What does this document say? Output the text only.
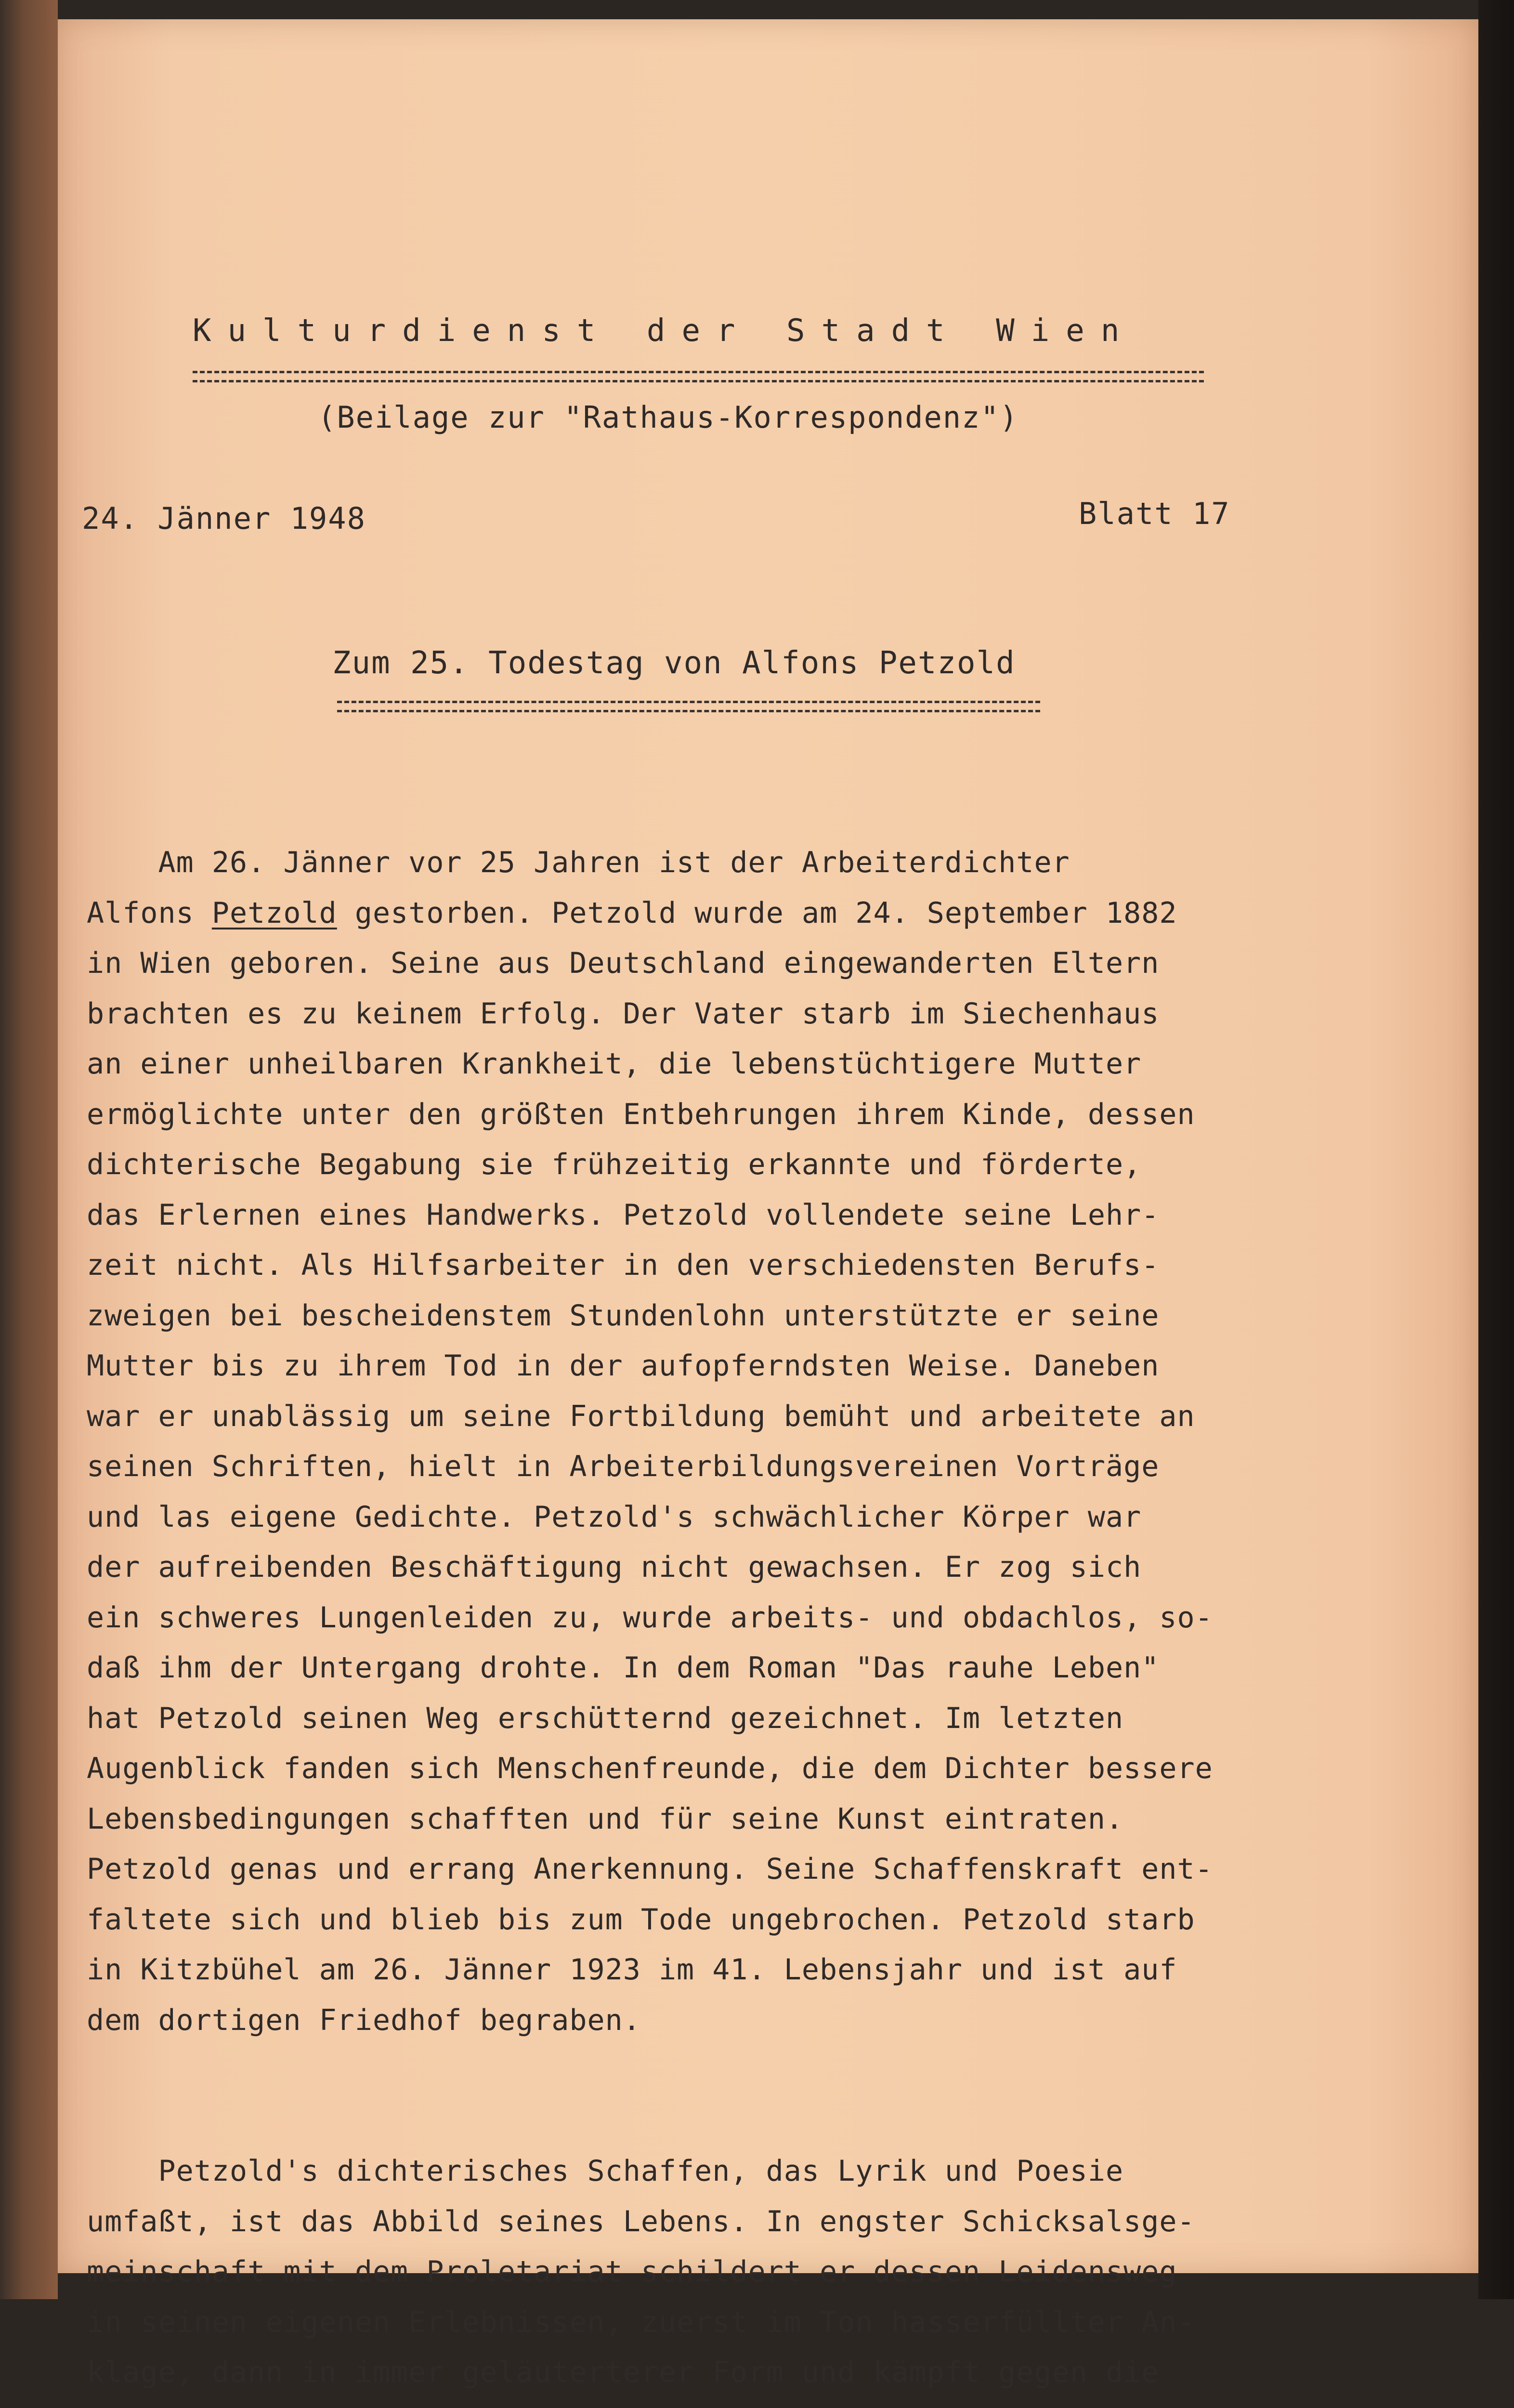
Kulturdienst der Stadt Wien
(Beilage zur "Rathaus-Korrespondenz")
24. Jänner 1948	Blatt 17
Zum 25. Todestag von Alfons Petzold

Am 26. Jänner vor 25 Jahren ist der Arbeiterdichter
Alfons Petzold gestorben. Petzold wurde am 24. September 1882
in Wien geboren. Seine aus Deutschland eingewanderten Eltern
brachten es zu keinem Erfolg. Der Vater starb im Siechenhaus
an einer unheilbaren Krankheit, die lebenstüchtigere Mutter
ermöglichte unter den größten Entbehrungen ihrem Kinde, dessen
dichterische Begabung sie frühzeitig erkannte und förderte,
das Erlernen eines Handwerks. Petzold vollendete seine Lehr-
zeit nicht. Als Hilfsarbeiter in den verschiedensten Berufs-
zweigen bei bescheidenstem Stundenlohn unterstützte er seine
Mutter bis zu ihrem Tod in der aufopferndsten Weise. Daneben
war er unablässig um seine Fortbildung bemüht und arbeitete an
seinen Schriften, hielt in Arbeiterbildungsvereinen Vorträge
und las eigene Gedichte. Petzold's schwächlicher Körper war
der aufreibenden Beschäftigung nicht gewachsen. Er zog sich
ein schweres Lungenleiden zu, wurde arbeits- und obdachlos, so-
daß ihm der Untergang drohte. In dem Roman "Das rauhe Leben"
hat Petzold seinen Weg erschütternd gezeichnet. Im letzten
Augenblick fanden sich Menschenfreunde, die dem Dichter bessere
Lebensbedingungen schafften und für seine Kunst eintraten.
Petzold genas und errang Anerkennung. Seine Schaffenskraft ent-
faltete sich und blieb bis zum Tode ungebrochen. Petzold starb
in Kitzbühel am 26. Jänner 1923 im 41. Lebensjahr und ist auf
dem dortigen Friedhof begraben.

Petzold's dichterisches Schaffen, das Lyrik und Poesie
umfaßt, ist das Abbild seines Lebens. In engster Schicksalsge-
meinschaft mit dem Proletariat schildert er dessen Leidensweg
in seinen eigenen Erlebnissen, zuerst im Ton hasserfüllter An-
klage, dann in immer geläuterterer Form und kämpft gegen die
